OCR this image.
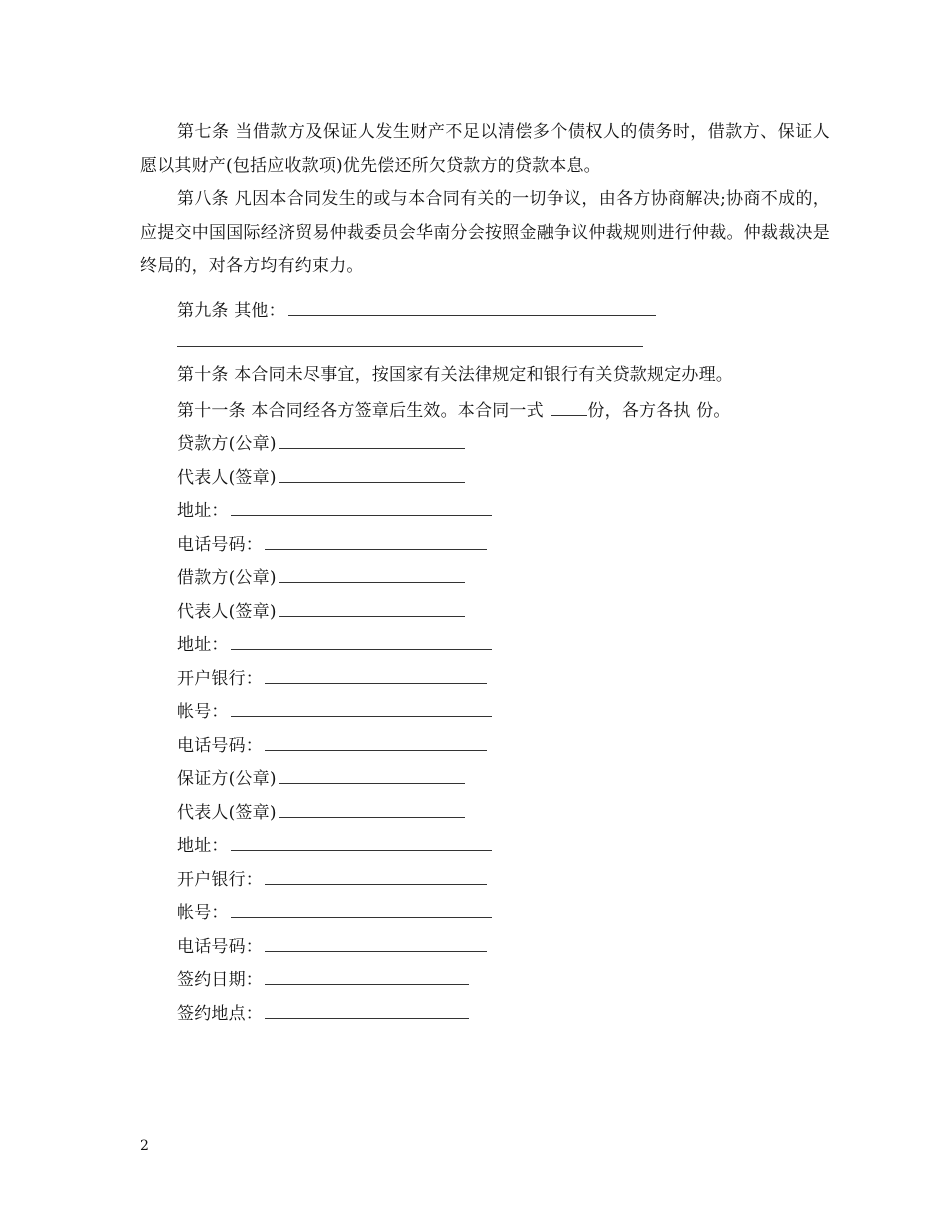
第七条 当借款方及保证人发生财产不足以清偿多个债权人的债务时，借款方、保证人愿以其财产(包括应收款项)优先偿还所欠贷款方的贷款本息。

第八条 凡因本合同发生的或与本合同有关的一切争议，由各方协商解决;协商不成的，应提交中国国际经济贸易仲裁委员会华南分会按照金融争议仲裁规则进行仲裁。仲裁裁决是终局的，对各方均有约束力。

第九条 其他：
第十条 本合同未尽事宜，按国家有关法律规定和银行有关贷款规定办理。
第十一条 本合同经各方签章后生效。本合同一式 份，各方各执 份。
贷款方(公章)
代表人(签章)
地址：
电话号码：
借款方(公章)
代表人(签章)
地址：
开户银行：
帐号：
电话号码：
保证方(公章)
代表人(签章)
地址：
开户银行：
帐号：
电话号码：
签约日期：
签约地点：
2
